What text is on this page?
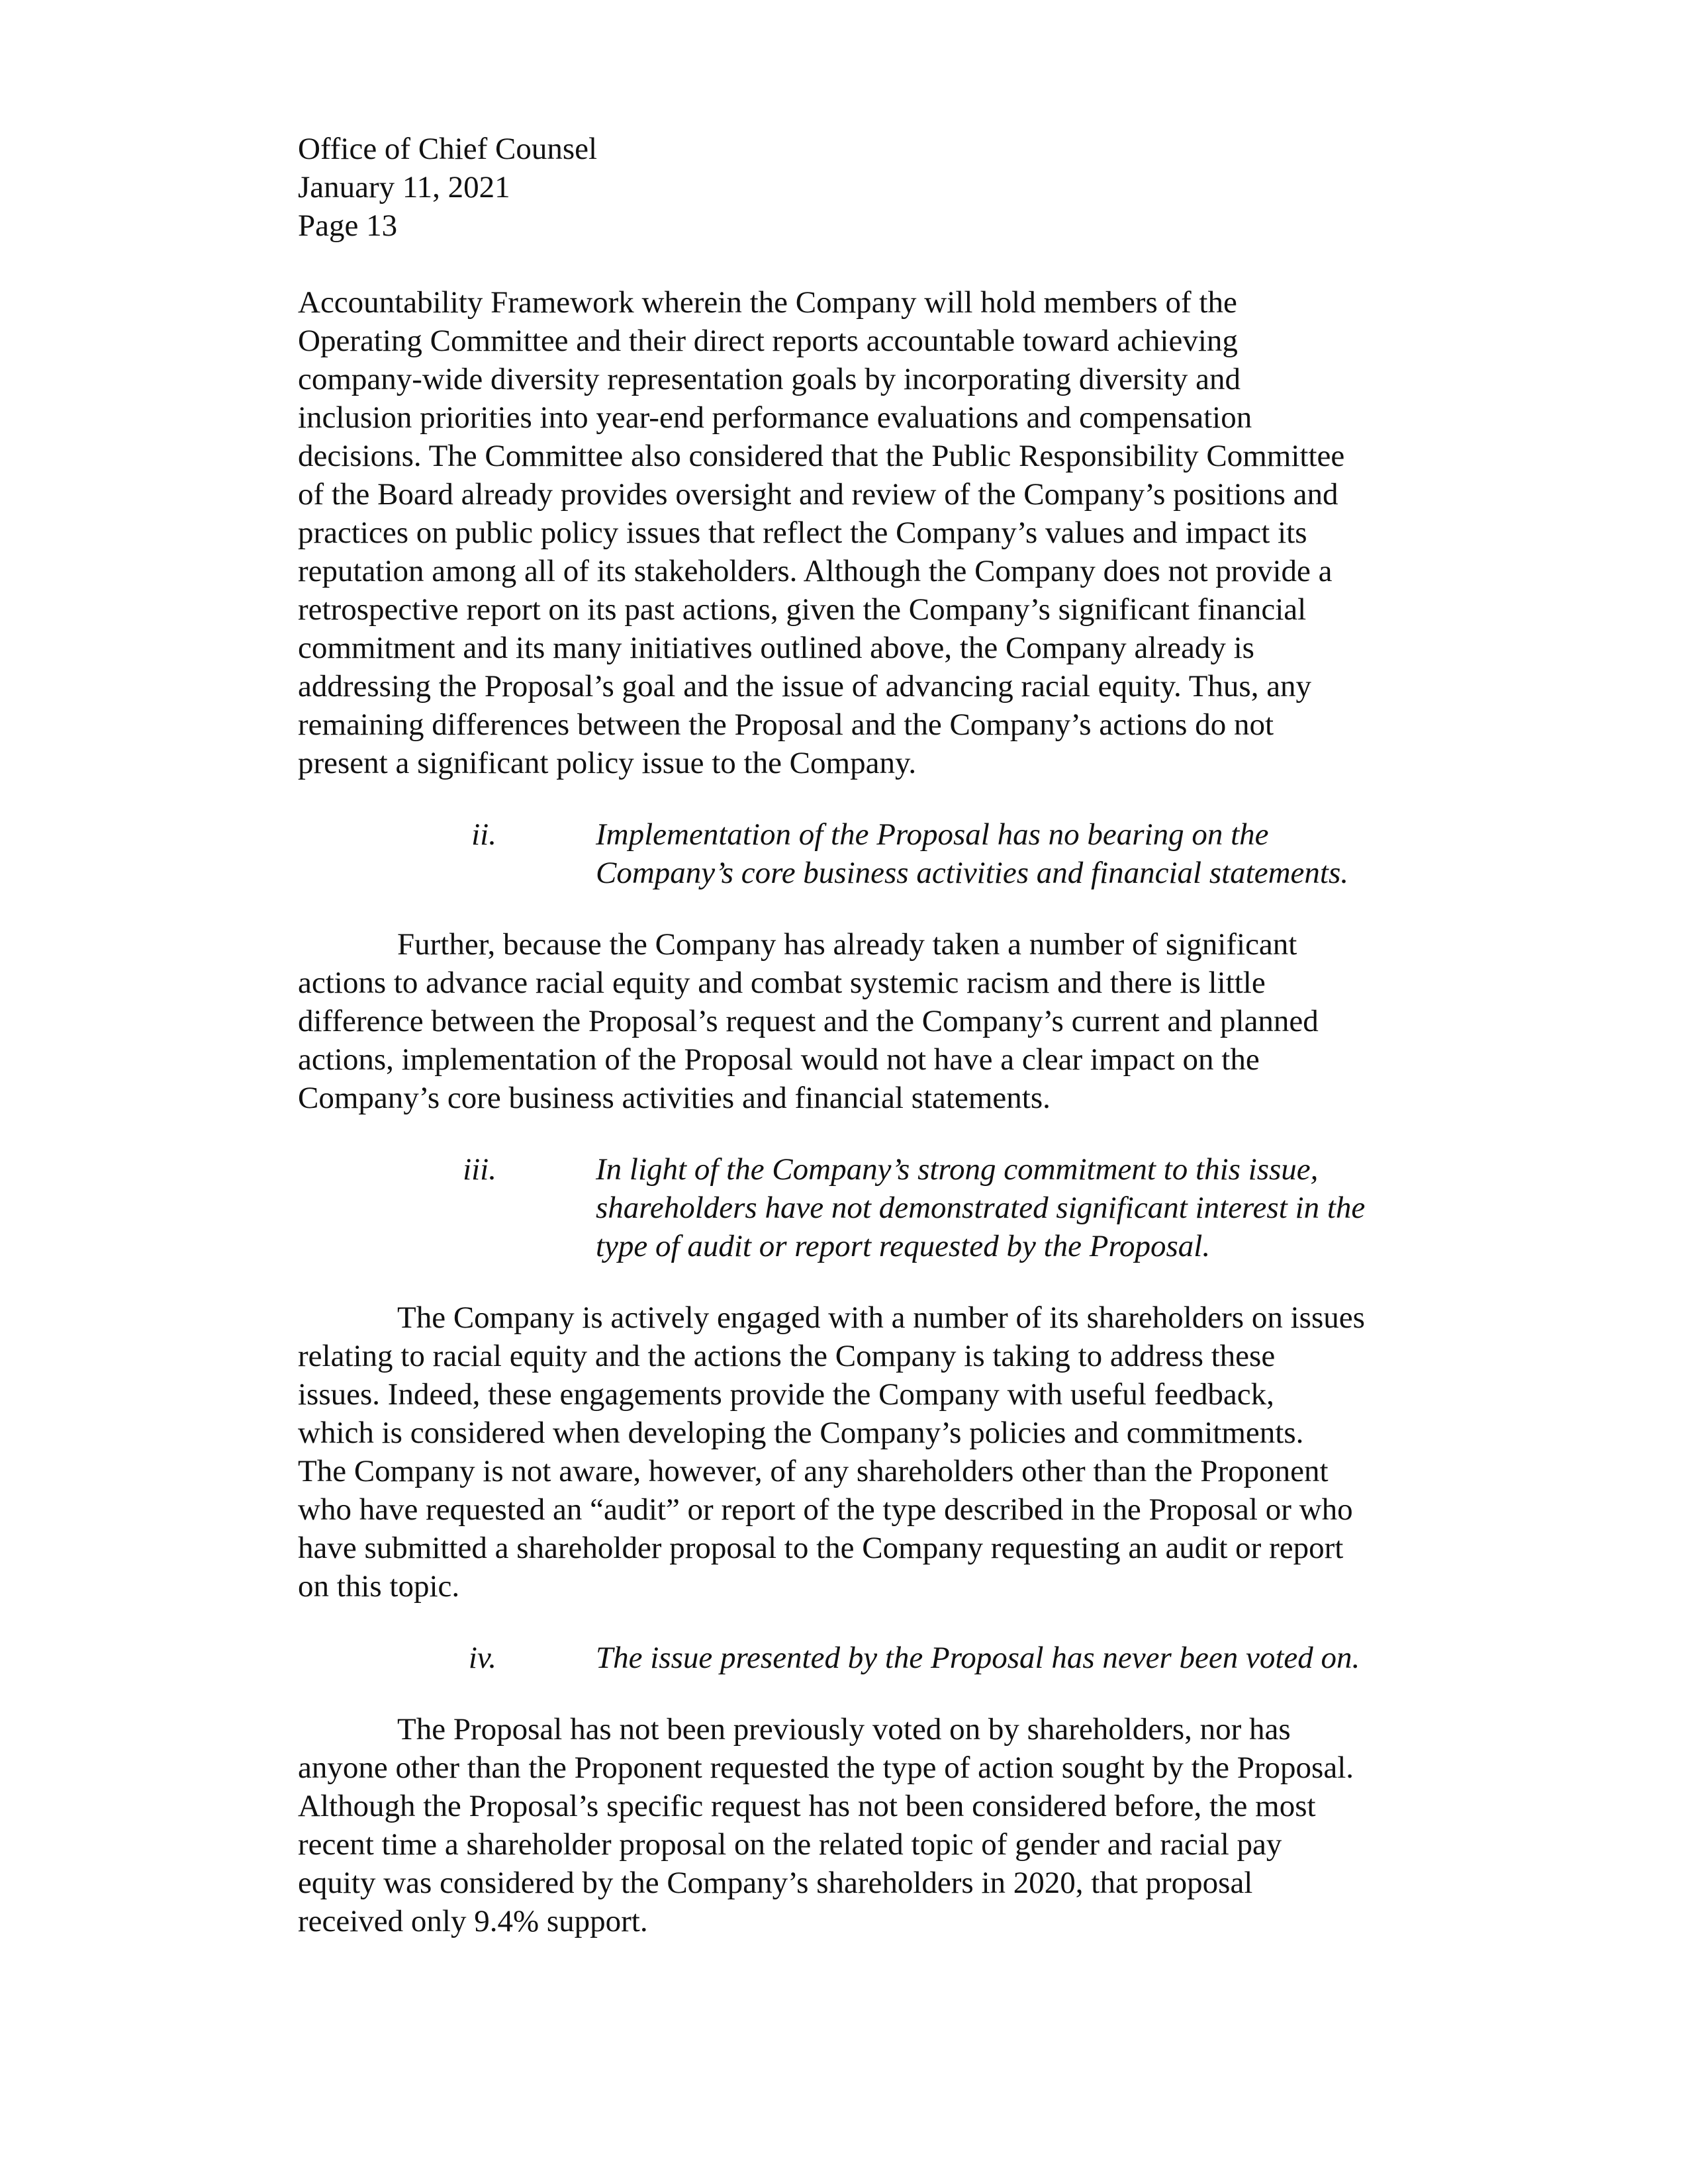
Office of Chief Counsel
January 11, 2021
Page 13
Accountability Framework wherein the Company will hold members of the
Operating Committee and their direct reports accountable toward achieving
company-wide diversity representation goals by incorporating diversity and
inclusion priorities into year-end performance evaluations and compensation
decisions. The Committee also considered that the Public Responsibility Committee
of the Board already provides oversight and review of the Company’s positions and
practices on public policy issues that reflect the Company’s values and impact its
reputation among all of its stakeholders. Although the Company does not provide a
retrospective report on its past actions, given the Company’s significant financial
commitment and its many initiatives outlined above, the Company already is
addressing the Proposal’s goal and the issue of advancing racial equity. Thus, any
remaining differences between the Proposal and the Company’s actions do not
present a significant policy issue to the Company.
ii.	Implementation of the Proposal has no bearing on the
Company’s core business activities and financial statements.
Further, because the Company has already taken a number of significant
actions to advance racial equity and combat systemic racism and there is little
difference between the Proposal’s request and the Company’s current and planned
actions, implementation of the Proposal would not have a clear impact on the
Company’s core business activities and financial statements.
iii.	In light of the Company’s strong commitment to this issue,
shareholders have not demonstrated significant interest in the
type of audit or report requested by the Proposal.
The Company is actively engaged with a number of its shareholders on issues
relating to racial equity and the actions the Company is taking to address these
issues. Indeed, these engagements provide the Company with useful feedback,
which is considered when developing the Company’s policies and commitments.
The Company is not aware, however, of any shareholders other than the Proponent
who have requested an “audit” or report of the type described in the Proposal or who
have submitted a shareholder proposal to the Company requesting an audit or report
on this topic.
iv.	The issue presented by the Proposal has never been voted on.
The Proposal has not been previously voted on by shareholders, nor has
anyone other than the Proponent requested the type of action sought by the Proposal.
Although the Proposal’s specific request has not been considered before, the most
recent time a shareholder proposal on the related topic of gender and racial pay
equity was considered by the Company’s shareholders in 2020, that proposal
received only 9.4% support.
